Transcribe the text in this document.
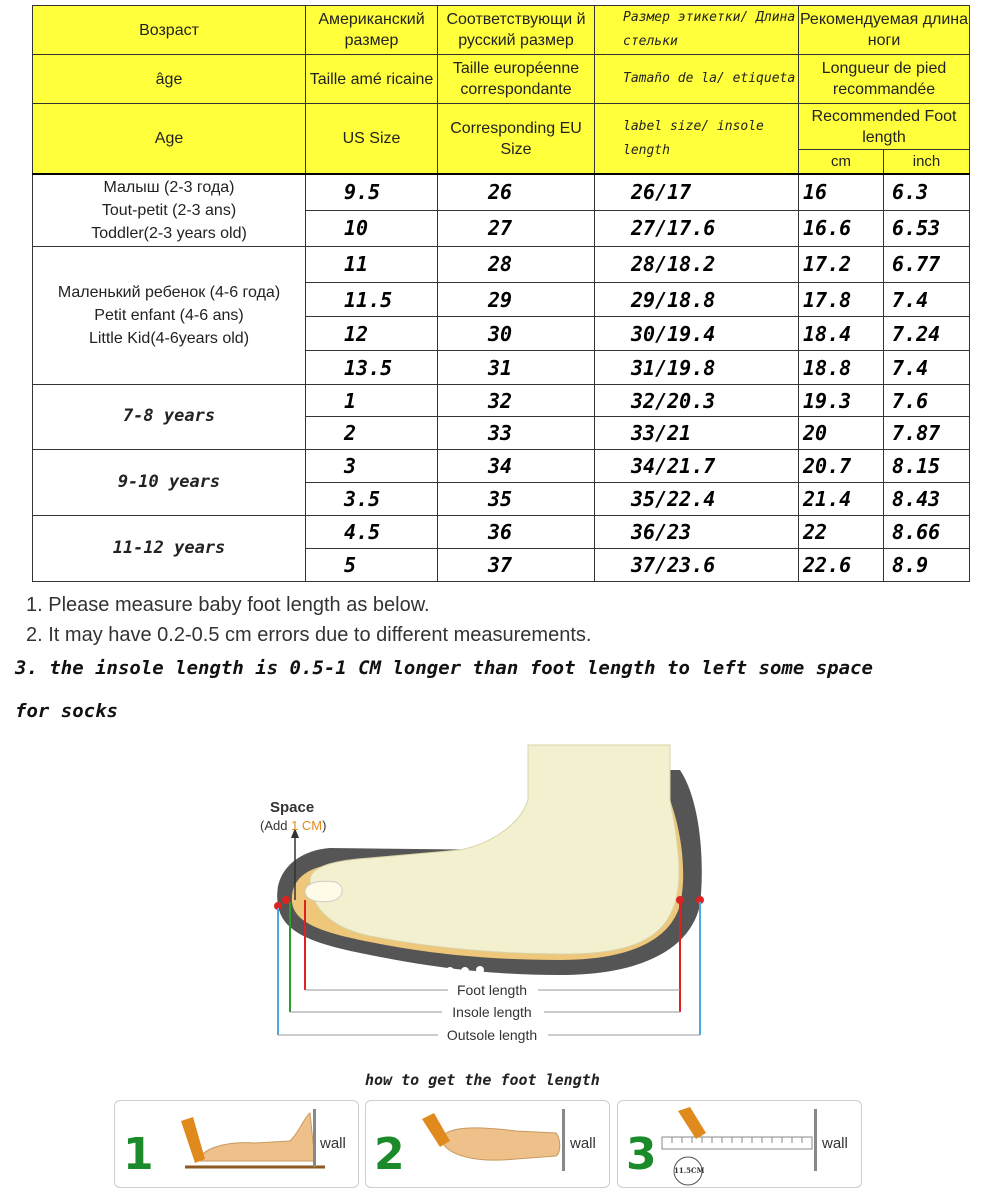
Возраст	Американский размер	Соответствующи й русский размер	Размер этикетки/ Длина стельки	Рекомендуемая длина ноги	
âge	Taille amé ricaine	Taille européenne correspondante	Tamaño de la/ etiqueta	Longueur de pied recommandée	
Age	US Size	Corresponding EU Size	label size/ insole length	Recommended Foot length	
				cm	inch

Малыш (2-3 года)
Tout-petit (2-3 ans)
Toddler(2-3 years old)	9.5	26	26/17	16	6.3
	10	27	27/17.6	16.6	6.53

Маленький ребенок (4-6 года)
Petit enfant (4-6 ans)
Little Kid(4-6years old)	11	28	28/18.2	17.2	6.77
	11.5	29	29/18.8	17.8	7.4
	12	30	30/19.4	18.4	7.24
	13.5	31	31/19.8	18.8	7.4

7-8 years	1	32	32/20.3	19.3	7.6
	2	33	33/21	20	7.87

9-10 years	3	34	34/21.7	20.7	8.15
	3.5	35	35/22.4	21.4	8.43

11-12 years	4.5	36	36/23	22	8.66
	5	37	37/23.6	22.6	8.9
1. Please measure baby foot length as below.
2. It may have 0.2-0.5 cm errors due to different measurements.
3. the insole length is 0.5-1 CM longer than foot length to left some space
for socks
Space
(Add 1 CM)
Foot length
Insole length
Outsole length
how to get the foot length
1	wall 2	wall 3 11.5CM
wall
